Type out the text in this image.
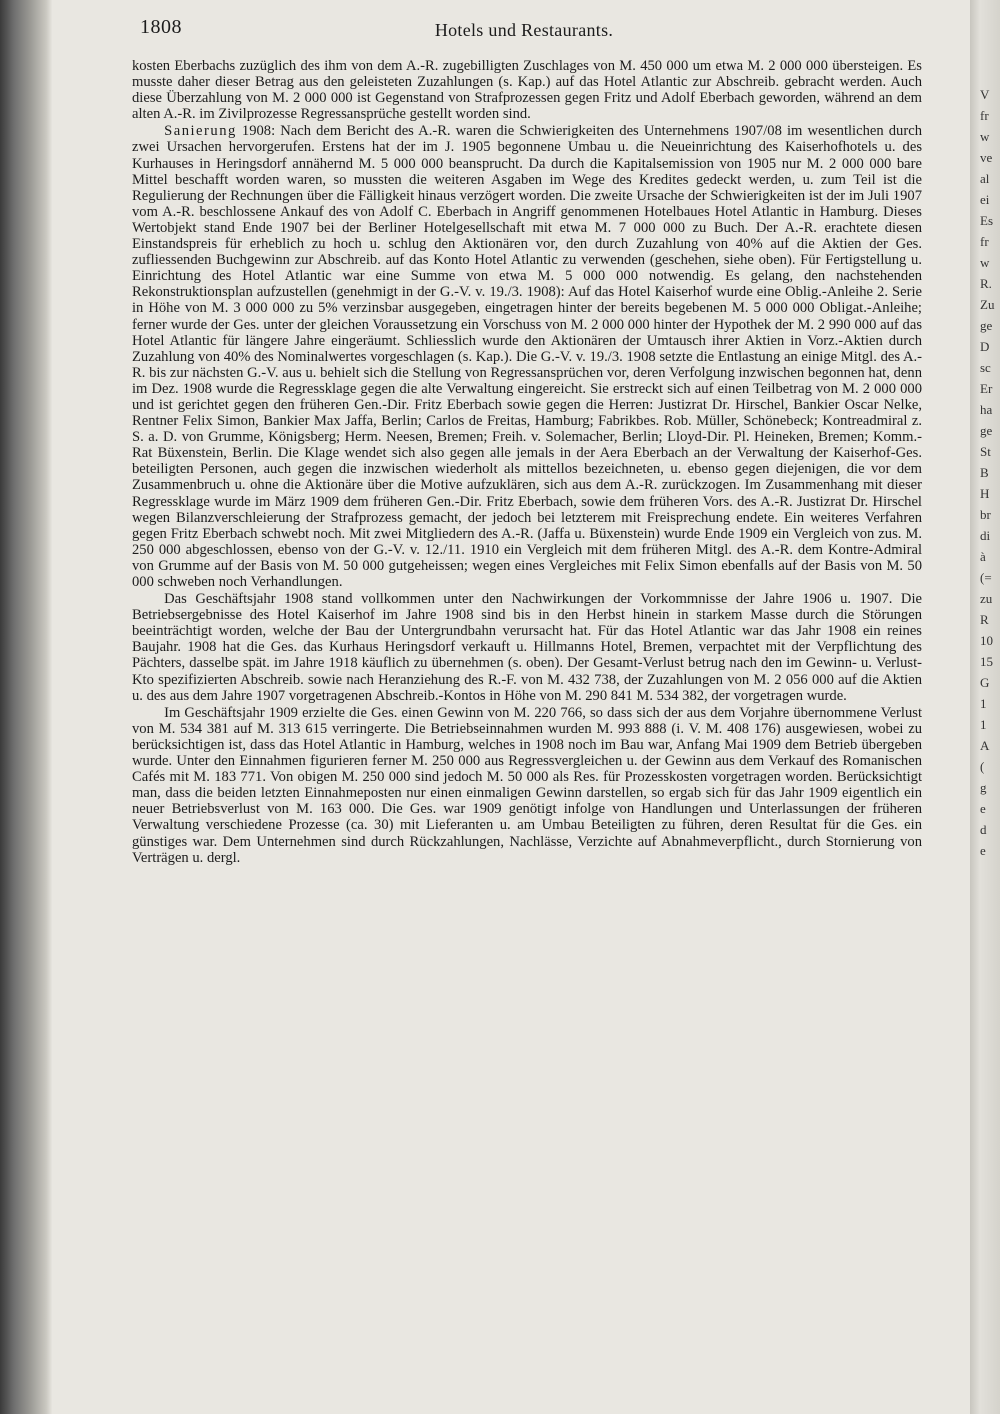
V
fr
w
ve
al
ei
Es
fr
w
R.
Zu
ge
D
sc
Er
ha
ge
St
B
H
br
di
à
(=
zu
R
10
15
G
1
1
A
(
g
e
d
e
1808	Hotels und Restaurants.

kosten Eberbachs zuzüglich des ihm von dem A.-R. zugebilligten Zuschlages von M. 450 000 um etwa M. 2 000 000 übersteigen. Es musste daher dieser Betrag aus den geleisteten Zuzahlungen (s. Kap.) auf das Hotel Atlantic zur Abschreib. gebracht werden. Auch diese Überzahlung von M. 2 000 000 ist Gegenstand von Strafprozessen gegen Fritz und Adolf Eberbach geworden, während an dem alten A.-R. im Zivilprozesse Regressansprüche gestellt worden sind.

Sanierung 1908: Nach dem Bericht des A.-R. waren die Schwierigkeiten des Unternehmens 1907/08 im wesentlichen durch zwei Ursachen hervorgerufen. Erstens hat der im J. 1905 begonnene Umbau u. die Neueinrichtung des Kaiserhofhotels u. des Kurhauses in Heringsdorf annähernd M. 5 000 000 beansprucht. Da durch die Kapitalsemission von 1905 nur M. 2 000 000 bare Mittel beschafft worden waren, so mussten die weiteren Asgaben im Wege des Kredites gedeckt werden, u. zum Teil ist die Regulierung der Rechnungen über die Fälligkeit hinaus verzögert worden. Die zweite Ursache der Schwierigkeiten ist der im Juli 1907 vom A.-R. beschlossene Ankauf des von Adolf C. Eberbach in Angriff genommenen Hotelbaues Hotel Atlantic in Hamburg. Dieses Wertobjekt stand Ende 1907 bei der Berliner Hotelgesellschaft mit etwa M. 7 000 000 zu Buch. Der A.-R. erachtete diesen Einstandspreis für erheblich zu hoch u. schlug den Aktionären vor, den durch Zuzahlung von 40% auf die Aktien der Ges. zufliessenden Buchgewinn zur Abschreib. auf das Konto Hotel Atlantic zu verwenden (geschehen, siehe oben). Für Fertigstellung u. Einrichtung des Hotel Atlantic war eine Summe von etwa M. 5 000 000 notwendig. Es gelang, den nachstehenden Rekonstruktionsplan aufzustellen (genehmigt in der G.-V. v. 19./3. 1908): Auf das Hotel Kaiserhof wurde eine Oblig.-Anleihe 2. Serie in Höhe von M. 3 000 000 zu 5% verzinsbar ausgegeben, eingetragen hinter der bereits begebenen M. 5 000 000 Obligat.-Anleihe; ferner wurde der Ges. unter der gleichen Voraussetzung ein Vorschuss von M. 2 000 000 hinter der Hypothek der M. 2 990 000 auf das Hotel Atlantic für längere Jahre eingeräumt. Schliesslich wurde den Aktionären der Umtausch ihrer Aktien in Vorz.-Aktien durch Zuzahlung von 40% des Nominalwertes vorgeschlagen (s. Kap.). Die G.-V. v. 19./3. 1908 setzte die Entlastung an einige Mitgl. des A.-R. bis zur nächsten G.-V. aus u. behielt sich die Stellung von Regressansprüchen vor, deren Verfolgung inzwischen begonnen hat, denn im Dez. 1908 wurde die Regressklage gegen die alte Verwaltung eingereicht. Sie erstreckt sich auf einen Teilbetrag von M. 2 000 000 und ist gerichtet gegen den früheren Gen.-Dir. Fritz Eberbach sowie gegen die Herren: Justizrat Dr. Hirschel, Bankier Oscar Nelke, Rentner Felix Simon, Bankier Max Jaffa, Berlin; Carlos de Freitas, Hamburg; Fabrikbes. Rob. Müller, Schönebeck; Kontreadmiral z. S. a. D. von Grumme, Königsberg; Herm. Neesen, Bremen; Freih. v. Solemacher, Berlin; Lloyd-Dir. Pl. Heineken, Bremen; Komm.-Rat Büxenstein, Berlin. Die Klage wendet sich also gegen alle jemals in der Aera Eberbach an der Verwaltung der Kaiserhof-Ges. beteiligten Personen, auch gegen die inzwischen wiederholt als mittellos bezeichneten, u. ebenso gegen diejenigen, die vor dem Zusammenbruch u. ohne die Aktionäre über die Motive aufzuklären, sich aus dem A.-R. zurückzogen. Im Zusammenhang mit dieser Regressklage wurde im März 1909 dem früheren Gen.-Dir. Fritz Eberbach, sowie dem früheren Vors. des A.-R. Justizrat Dr. Hirschel wegen Bilanzverschleierung der Strafprozess gemacht, der jedoch bei letzterem mit Freisprechung endete. Ein weiteres Verfahren gegen Fritz Eberbach schwebt noch. Mit zwei Mitgliedern des A.-R. (Jaffa u. Büxenstein) wurde Ende 1909 ein Vergleich von zus. M. 250 000 abgeschlossen, ebenso von der G.-V. v. 12./11. 1910 ein Vergleich mit dem früheren Mitgl. des A.-R. dem Kontre-Admiral von Grumme auf der Basis von M. 50 000 gutgeheissen; wegen eines Vergleiches mit Felix Simon ebenfalls auf der Basis von M. 50 000 schweben noch Verhandlungen.

Das Geschäftsjahr 1908 stand vollkommen unter den Nachwirkungen der Vorkommnisse der Jahre 1906 u. 1907. Die Betriebsergebnisse des Hotel Kaiserhof im Jahre 1908 sind bis in den Herbst hinein in starkem Masse durch die Störungen beeinträchtigt worden, welche der Bau der Untergrundbahn verursacht hat. Für das Hotel Atlantic war das Jahr 1908 ein reines Baujahr. 1908 hat die Ges. das Kurhaus Heringsdorf verkauft u. Hillmanns Hotel, Bremen, verpachtet mit der Verpflichtung des Pächters, dasselbe spät. im Jahre 1918 käuflich zu übernehmen (s. oben). Der Gesamt-Verlust betrug nach den im Gewinn- u. Verlust-Kto spezifizierten Abschreib. sowie nach Heranziehung des R.-F. von M. 432 738, der Zuzahlungen von M. 2 056 000 auf die Aktien u. des aus dem Jahre 1907 vorgetragenen Abschreib.-Kontos in Höhe von M. 290 841 M. 534 382, der vorgetragen wurde.

Im Geschäftsjahr 1909 erzielte die Ges. einen Gewinn von M. 220 766, so dass sich der aus dem Vorjahre übernommene Verlust von M. 534 381 auf M. 313 615 verringerte. Die Betriebseinnahmen wurden M. 993 888 (i. V. M. 408 176) ausgewiesen, wobei zu berücksichtigen ist, dass das Hotel Atlantic in Hamburg, welches in 1908 noch im Bau war, Anfang Mai 1909 dem Betrieb übergeben wurde. Unter den Einnahmen figurieren ferner M. 250 000 aus Regressvergleichen u. der Gewinn aus dem Verkauf des Romanischen Cafés mit M. 183 771. Von obigen M. 250 000 sind jedoch M. 50 000 als Res. für Prozesskosten vorgetragen worden. Berücksichtigt man, dass die beiden letzten Einnahmeposten nur einen einmaligen Gewinn darstellen, so ergab sich für das Jahr 1909 eigentlich ein neuer Betriebsverlust von M. 163 000. Die Ges. war 1909 genötigt infolge von Handlungen und Unterlassungen der früheren Verwaltung verschiedene Prozesse (ca. 30) mit Lieferanten u. am Umbau Beteiligten zu führen, deren Resultat für die Ges. ein günstiges war. Dem Unternehmen sind durch Rückzahlungen, Nachlässe, Verzichte auf Abnahmeverpflicht., durch Stornierung von Verträgen u. dergl.
